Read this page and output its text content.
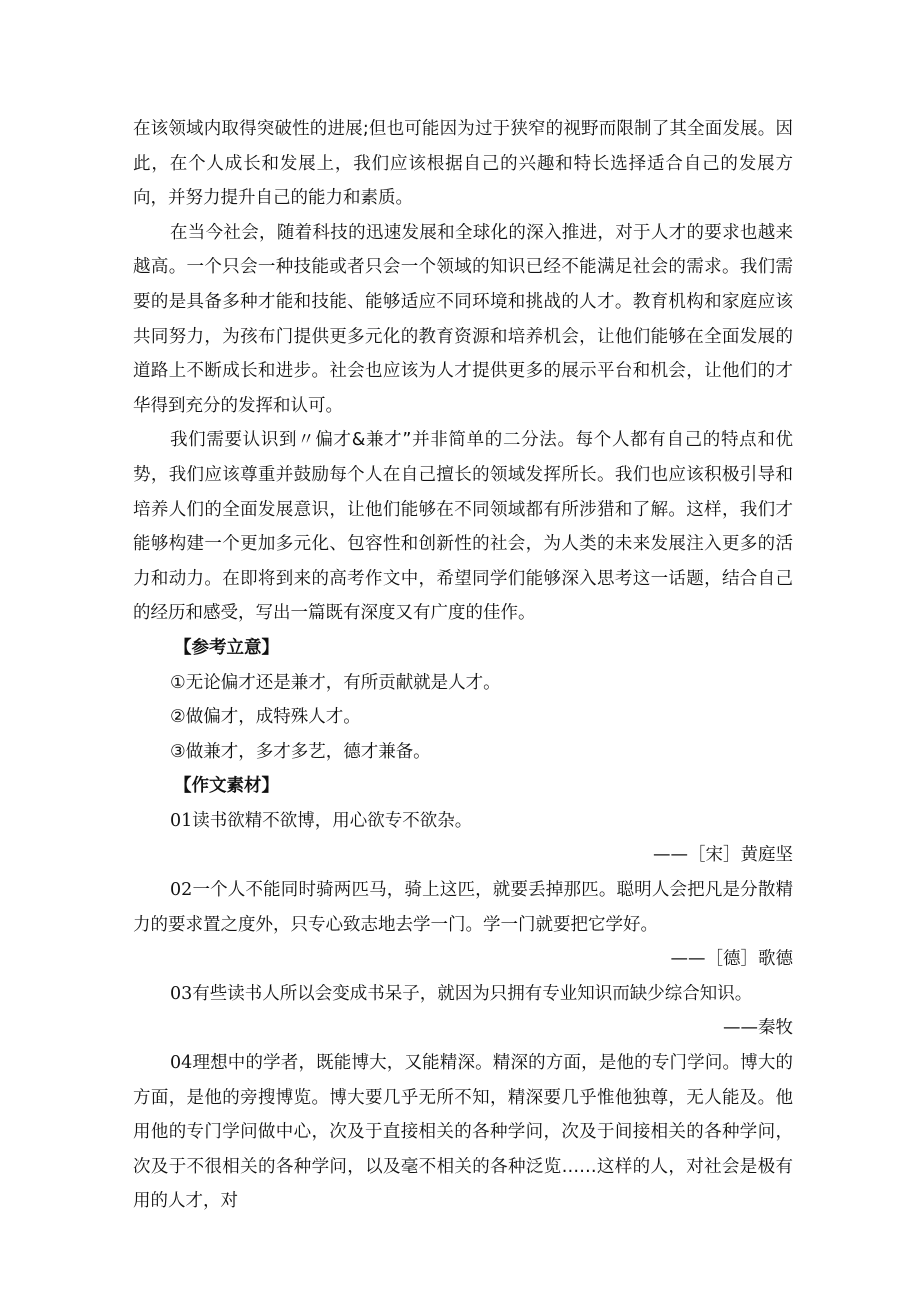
在该领域内取得突破性的进展;但也可能因为过于狭窄的视野而限制了其全面发展。因此，在个人成长和发展上，我们应该根据自己的兴趣和特长选择适合自己的发展方向，并努力提升自己的能力和素质。

在当今社会，随着科技的迅速发展和全球化的深入推进，对于人才的要求也越来越高。一个只会一种技能或者只会一个领域的知识已经不能满足社会的需求。我们需要的是具备多种才能和技能、能够适应不同环境和挑战的人才。教育机构和家庭应该共同努力，为孩布门提供更多元化的教育资源和培养机会，让他们能够在全面发展的道路上不断成长和进步。社会也应该为人才提供更多的展示平台和机会，让他们的才华得到充分的发挥和认可。

我们需要认识到〃偏才&兼才”并非简单的二分法。每个人都有自己的特点和优势，我们应该尊重并鼓励每个人在自己擅长的领域发挥所长。我们也应该积极引导和培养人们的全面发展意识，让他们能够在不同领域都有所涉猎和了解。这样，我们才能够构建一个更加多元化、包容性和创新性的社会，为人类的未来发展注入更多的活力和动力。在即将到来的高考作文中，希望同学们能够深入思考这一话题，结合自己的经历和感受，写出一篇既有深度又有广度的佳作。

【参考立意】

①无论偏才还是兼才，有所贡献就是人才。

②做偏才，成特殊人才。

③做兼才，多才多艺，德才兼备。

【作文素材】

01读书欲精不欲博，用心欲专不欲杂。

——［宋］黄庭坚

02一个人不能同时骑两匹马，骑上这匹，就要丢掉那匹。聪明人会把凡是分散精力的要求置之度外，只专心致志地去学一门。学一门就要把它学好。

——［德］歌德

03有些读书人所以会变成书呆子，就因为只拥有专业知识而缺少综合知识。

——秦牧

04理想中的学者，既能博大，又能精深。精深的方面，是他的专门学问。博大的方面，是他的旁搜博览。博大要几乎无所不知，精深要几乎惟他独尊，无人能及。他用他的专门学问做中心，次及于直接相关的各种学问，次及于间接相关的各种学问，次及于不很相关的各种学问，以及毫不相关的各种泛览……这样的人，对社会是极有用的人才，对
